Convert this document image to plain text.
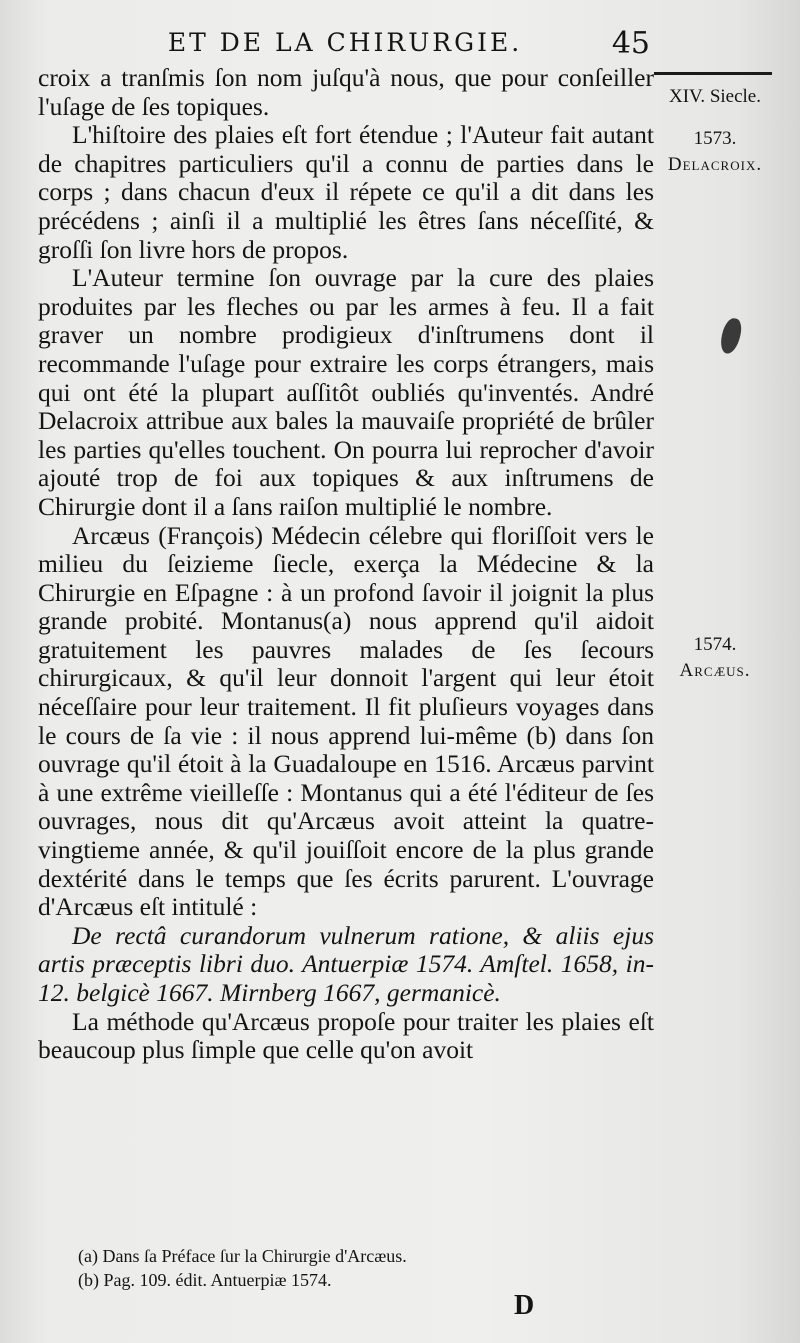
ET DE LA CHIRURGIE.	45

croix a tranſmis ſon nom juſqu'à nous, que pour conſeiller l'uſage de ſes topiques.

L'hiſtoire des plaies eſt fort étendue ; l'Auteur fait autant de chapitres particuliers qu'il a connu de parties dans le corps ; dans chacun d'eux il répete ce qu'il a dit dans les précédens ; ainſi il a multiplié les êtres ſans néceſſité, & groſſi ſon livre hors de propos.

L'Auteur termine ſon ouvrage par la cure des plaies produites par les fleches ou par les armes à feu. Il a fait graver un nombre prodigieux d'inſtrumens dont il recommande l'uſage pour extraire les corps étrangers, mais qui ont été la plupart auſſitôt oubliés qu'inventés. André Delacroix attribue aux bales la mauvaiſe propriété de brûler les parties qu'elles touchent. On pourra lui reprocher d'avoir ajouté trop de foi aux topiques & aux inſtrumens de Chirurgie dont il a ſans raiſon multiplié le nombre.

Arcæus (François) Médecin célebre qui floriſſoit vers le milieu du ſeizieme ſiecle, exerça la Médecine & la Chirurgie en Eſpagne : à un profond ſavoir il joignit la plus grande probité. Montanus(a) nous apprend qu'il aidoit gratuitement les pauvres malades de ſes ſecours chirurgicaux, & qu'il leur donnoit l'argent qui leur étoit néceſſaire pour leur traitement. Il fit pluſieurs voyages dans le cours de ſa vie : il nous apprend lui-même (b) dans ſon ouvrage qu'il étoit à la Guadaloupe en 1516. Arcæus parvint à une extrême vieilleſſe : Montanus qui a été l'éditeur de ſes ouvrages, nous dit qu'Arcæus avoit atteint la quatre-vingtieme année, & qu'il jouiſſoit encore de la plus grande dextérité dans le temps que ſes écrits parurent. L'ouvrage d'Arcæus eſt intitulé :

De rectâ curandorum vulnerum ratione, & aliis ejus artis præceptis libri duo. Antuerpiæ 1574. Amſtel. 1658, in-12. belgicè 1667. Mirnberg 1667, germanicè.

La méthode qu'Arcæus propoſe pour traiter les plaies eſt beaucoup plus ſimple que celle qu'on avoit

XIV. Siecle.
1573.
Delacroix.
1574.
Arcæus.
(a) Dans ſa Préface ſur la Chirurgie d'Arcæus.
(b) Pag. 109. édit. Antuerpiæ 1574.
D
